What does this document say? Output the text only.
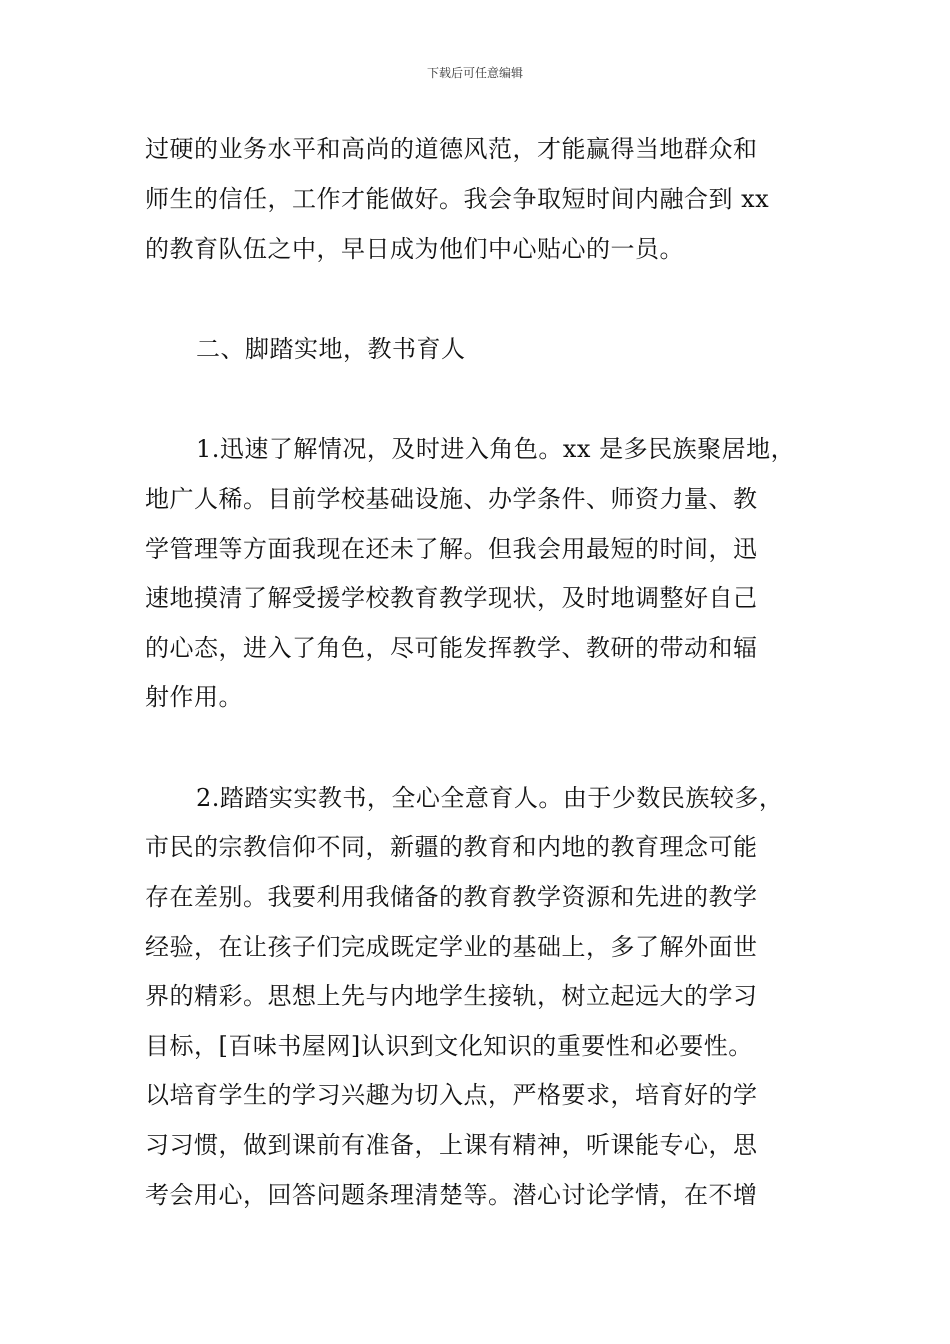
下载后可任意编辑
过硬的业务水平和高尚的道德风范，才能赢得当地群众和
师生的信任，工作才能做好。我会争取短时间内融合到 xx
的教育队伍之中，早日成为他们中心贴心的一员。
二、脚踏实地，教书育人
1.迅速了解情况，及时进入角色。xx 是多民族聚居地，
地广人稀。目前学校基础设施、办学条件、师资力量、教
学管理等方面我现在还未了解。但我会用最短的时间，迅
速地摸清了解受援学校教育教学现状，及时地调整好自己
的心态，进入了角色，尽可能发挥教学、教研的带动和辐
射作用。
2.踏踏实实教书，全心全意育人。由于少数民族较多，
市民的宗教信仰不同，新疆的教育和内地的教育理念可能
存在差别。我要利用我储备的教育教学资源和先进的教学
经验，在让孩子们完成既定学业的基础上，多了解外面世
界的精彩。思想上先与内地学生接轨，树立起远大的学习
目标，[百味书屋网]认识到文化知识的重要性和必要性。
以培育学生的学习兴趣为切入点，严格要求，培育好的学
习习惯，做到课前有准备，上课有精神，听课能专心，思
考会用心，回答问题条理清楚等。潜心讨论学情，在不增
